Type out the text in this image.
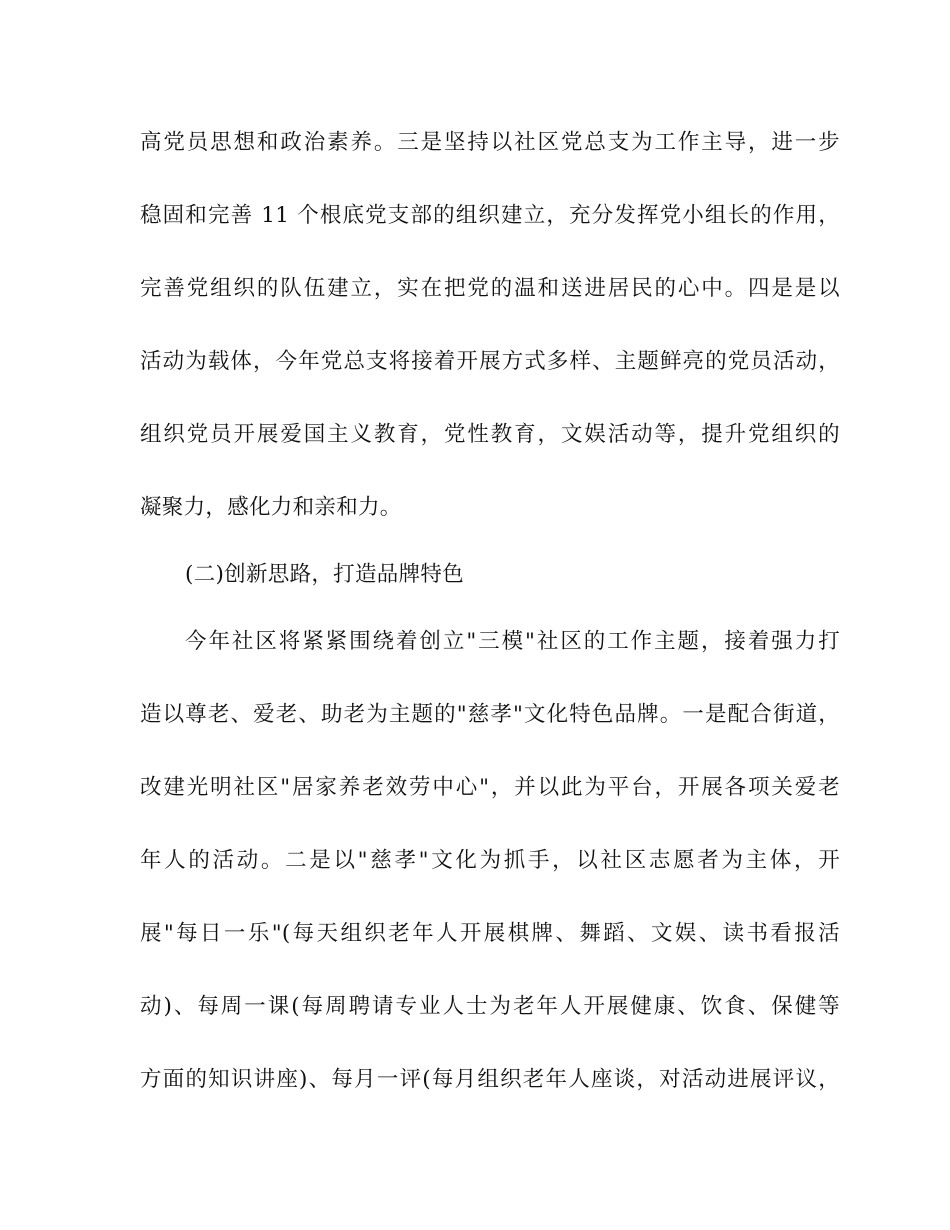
高党员思想和政治素养。三是坚持以社区党总支为工作主导，进一步
稳固和完善 11 个根底党支部的组织建立，充分发挥党小组长的作用，
完善党组织的队伍建立，实在把党的温和送进居民的心中。四是是以
活动为载体，今年党总支将接着开展方式多样、主题鲜亮的党员活动，
组织党员开展爱国主义教育，党性教育，文娱活动等，提升党组织的
凝聚力，感化力和亲和力。
(二)创新思路，打造品牌特色
今年社区将紧紧围绕着创立"三模"社区的工作主题，接着强力打
造以尊老、爱老、助老为主题的"慈孝"文化特色品牌。一是配合街道，
改建光明社区"居家养老效劳中心"，并以此为平台，开展各项关爱老
年人的活动。二是以"慈孝"文化为抓手，以社区志愿者为主体，开
展"每日一乐"(每天组织老年人开展棋牌、舞蹈、文娱、读书看报活
动)、每周一课(每周聘请专业人士为老年人开展健康、饮食、保健等
方面的知识讲座)、每月一评(每月组织老年人座谈，对活动进展评议，
